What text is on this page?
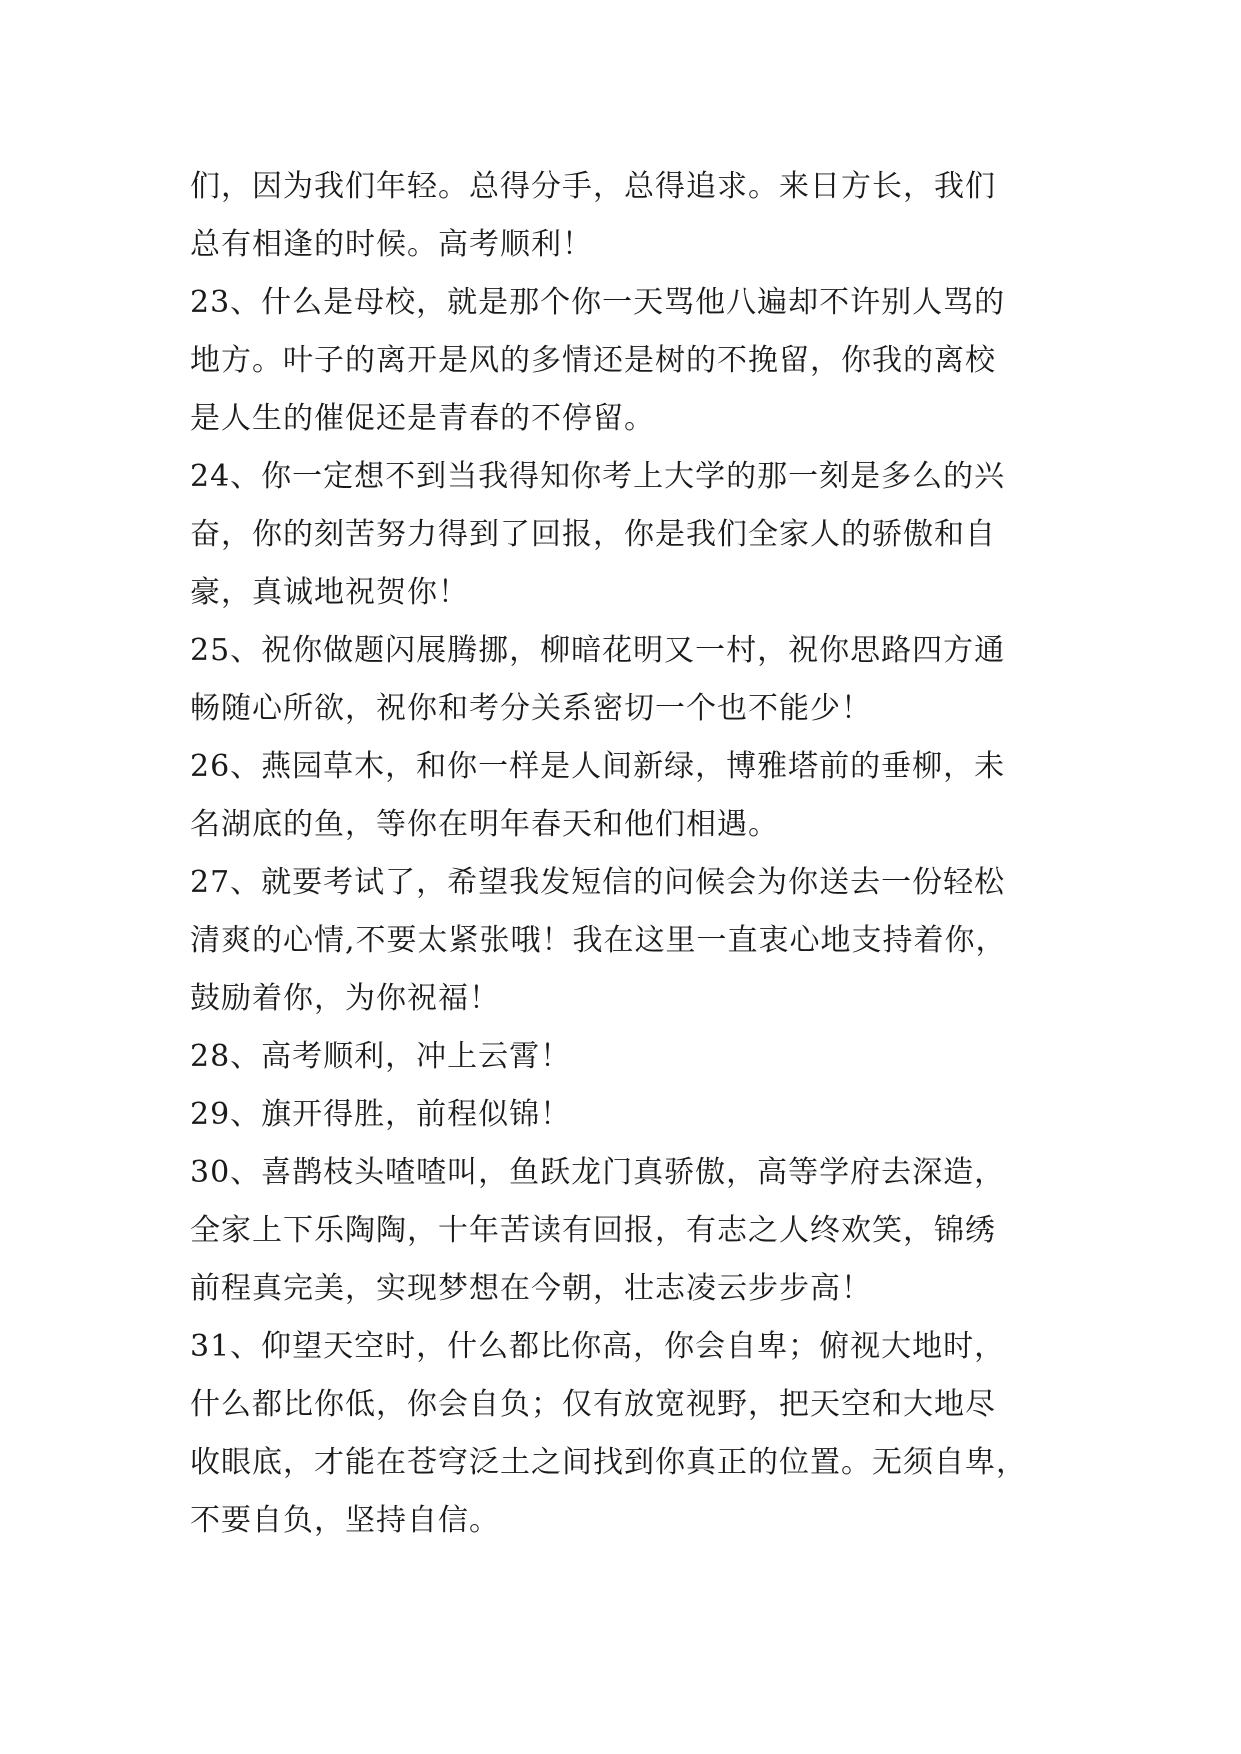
们，因为我们年轻。总得分手，总得追求。来日方长，我们
总有相逢的时候。高考顺利！
23、什么是母校，就是那个你一天骂他八遍却不许别人骂的
地方。叶子的离开是风的多情还是树的不挽留，你我的离校
是人生的催促还是青春的不停留。
24、你一定想不到当我得知你考上大学的那一刻是多么的兴
奋，你的刻苦努力得到了回报，你是我们全家人的骄傲和自
豪，真诚地祝贺你！
25、祝你做题闪展腾挪，柳暗花明又一村，祝你思路四方通
畅随心所欲，祝你和考分关系密切一个也不能少！
26、燕园草木，和你一样是人间新绿，博雅塔前的垂柳，未
名湖底的鱼，等你在明年春天和他们相遇。
27、就要考试了，希望我发短信的问候会为你送去一份轻松
清爽的心情,不要太紧张哦！我在这里一直衷心地支持着你，
鼓励着你，为你祝福！
28、高考顺利，冲上云霄！
29、旗开得胜，前程似锦！
30、喜鹊枝头喳喳叫，鱼跃龙门真骄傲，高等学府去深造，
全家上下乐陶陶，十年苦读有回报，有志之人终欢笑，锦绣
前程真完美，实现梦想在今朝，壮志凌云步步高！
31、仰望天空时，什么都比你高，你会自卑；俯视大地时，
什么都比你低，你会自负；仅有放宽视野，把天空和大地尽
收眼底，才能在苍穹泛土之间找到你真正的位置。无须自卑，
不要自负，坚持自信。
